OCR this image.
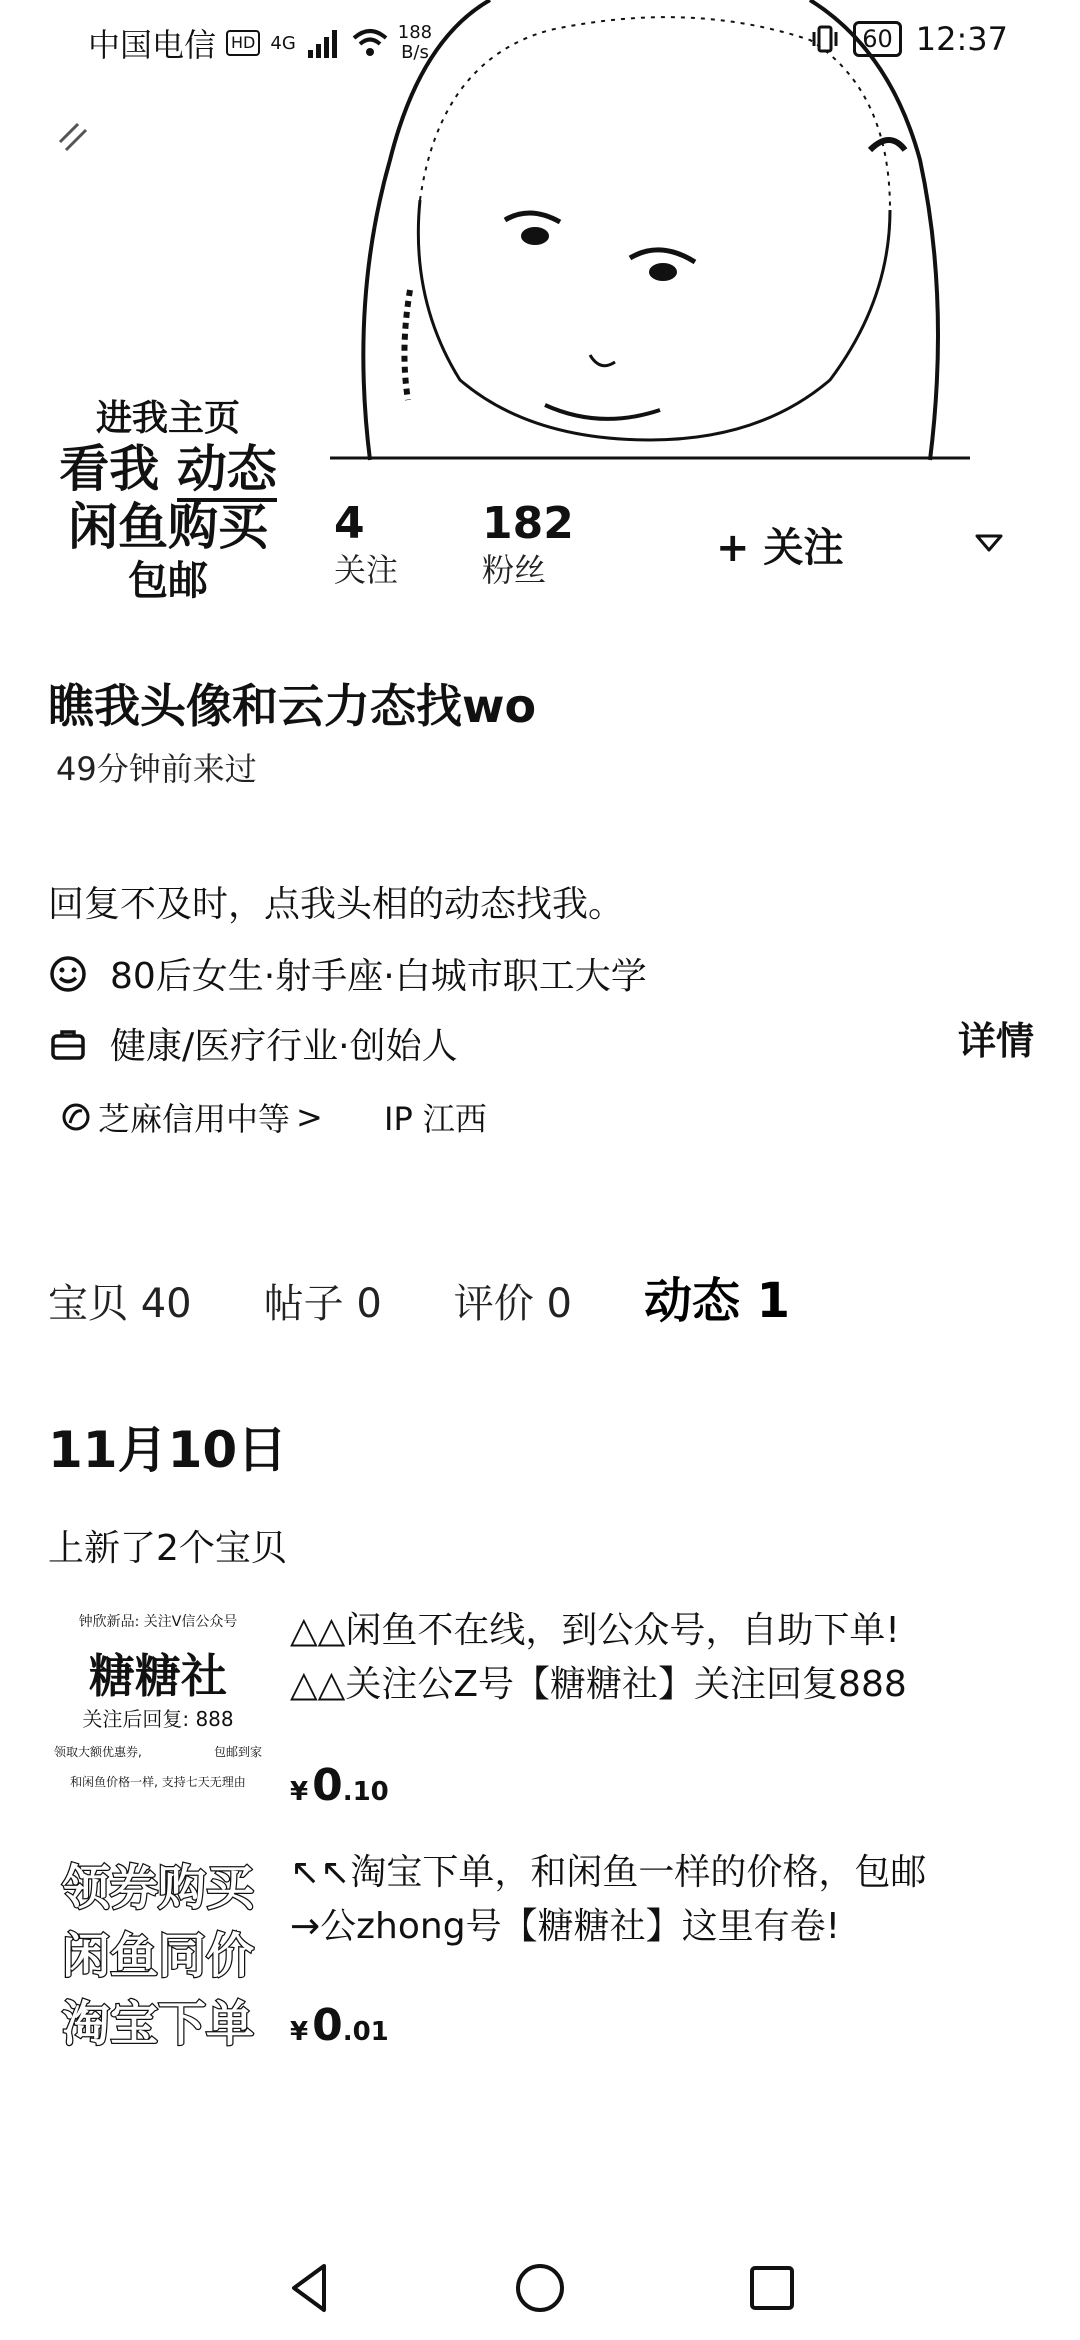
中国电信 HD 4G	188
B/s	60 12:37
进我主页
看我 动态
闲鱼购买
包邮
4
关注
182
粉丝	+ 关注
瞧我头像和云力态找wo
49分钟前来过
回复不及时，点我头相的动态找我。
80后女生·射手座·白城市职工大学
健康/医疗行业·创始人	详情
芝麻信用中等 > IP 江西
宝贝 40 帖子 0 评价 0 动态 1
11月10日
上新了2个宝贝
钟欣新品: 关注V信公众号
糖糖社
关注后回复: 888
领取大额优惠券,	包邮到家
和闲鱼价格一样, 支持七天无理由
△△闲鱼不在线，到公众号，自助下单!
△△关注公Z号【糖糖社】关注回复888
¥ 0 .10
领券购买
闲鱼同价
淘宝下单
↖↖淘宝下单，和闲鱼一样的价格，包邮
→公zhong号【糖糖社】这里有卷!
¥ 0 .01
